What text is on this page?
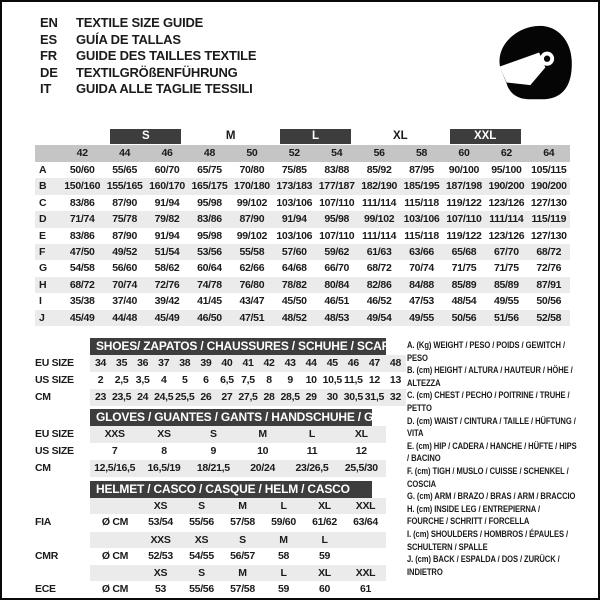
EN	TEXTILE SIZE GUIDE
ES	GUÍA DE TALLAS
FR	GUIDE DES TAILLES TEXTILE
DE	TEXTILGRÖßENFÜHRUNG
IT	GUIDA ALLE TAGLIE TESSILI
S	M	L	XL	XXL
42	44	46	48	50	52	54	56	58	60	62	64
A	50/60	55/65	60/70	65/75	70/80	75/85	83/88	85/92	87/95	90/100	95/100 105/115
B	150/160 155/165 160/170 165/175 170/180 173/183 177/187 182/190 185/195 187/198 190/200 190/200
C	83/86	87/90	91/94	95/98	99/102 103/106 107/110 111/114 115/118 119/122 123/126 127/130
D	71/74	75/78	79/82	83/86	87/90	91/94	95/98	99/102 103/106 107/110 111/114 115/119
E	83/86	87/90	91/94	95/98	99/102 103/106 107/110 111/114 115/118 119/122 123/126 127/130
F	47/50	49/52	51/54	53/56	55/58	57/60	59/62	61/63	63/66	65/68	67/70	68/72
G	54/58	56/60	58/62	60/64	62/66	64/68	66/70	68/72	70/74	71/75	71/75	72/76
H	68/72	70/74	72/76	74/78	76/80	78/82	80/84	82/86	84/88	85/89	85/89	87/91
I	35/38	37/40	39/42	41/45	43/47	45/50	46/51	46/52	47/53	48/54	49/55	50/56
J	45/49	44/48	45/49	46/50	47/51	48/52	48/53	49/54	49/55	50/56	51/56	52/58
SHOES/ ZAPATOS / CHAUSSURES / SCHUHE / SCARPE
EU SIZE	34 35 36 37 38 39 40 41 42 43 44 45 46 47 48
US SIZE	2	2,5 3,5	4	5	6	6,5 7,5	8	9	10 10,5 11,5 12 13
CM	23 23,5 24 24,5 25,5 26 27 27,5 28 28,5 29 30 30,5 31,5 32
GLOVES / GUANTES / GANTS / HANDSCHUHE / GUANTI
EU SIZE	XXS	XS	S	M	L	XL
US SIZE	7	8	9	10	11	12
CM	12,5/16,5	16,5/19	18/21,5	20/24	23/26,5	25,5/30
HELMET / CASCO / CASQUE / HELM / CASCO
XS	S	M	L	XL	XXL
FIA	Ø CM	53/54	55/56	57/58	59/60	61/62	63/64
XXS	XS	S	M	L
CMR	Ø CM	52/53	54/55	56/57	58	59
XS	S	M	L	XL	XXL
ECE	Ø CM	53	55/56	57/58	59	60	61
A. (Kg) WEIGHT / PESO / POIDS / GEWITCH / PESO
B. (cm) HEIGHT / ALTURA / HAUTEUR / HÖHE / ALTEZZA
C. (cm) CHEST / PECHO / POITRINE / TRUHE / PETTO
D. (cm) WAIST / CINTURA / TAILLE / HÜFTUNG / VITA
E. (cm) HIP / CADERA / HANCHE / HÜFTE / HIPS / BACINO
F. (cm) TIGH / MUSLO / CUISSE / SCHENKEL / COSCIA
G. (cm) ARM / BRAZO / BRAS / ARM / BRACCIO
H. (cm) INSIDE LEG / ENTREPIERNA / FOURCHE / SCHRITT / FORCELLA
I. (cm) SHOULDERS / HOMBROS / ÉPAULES / SCHULTERN / SPALLE
J. (cm) BACK / ESPALDA / DOS / ZURÜCK / INDIETRO
